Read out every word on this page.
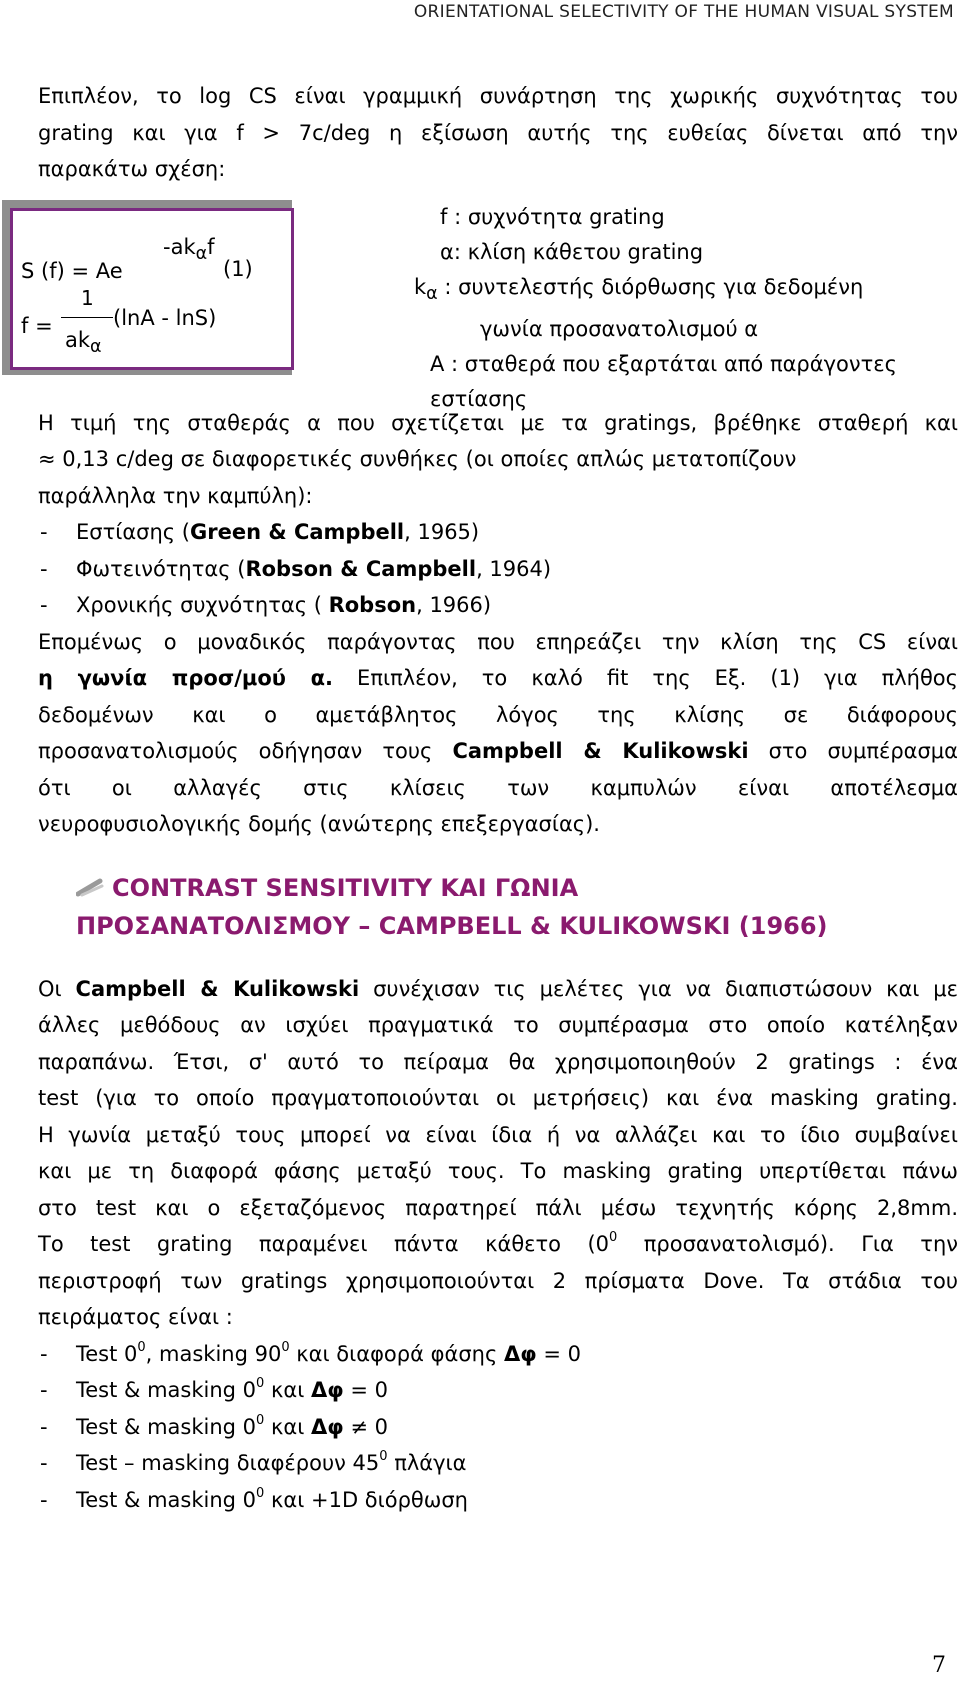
ORIENTATIONAL SELECTIVITY OF THE HUMAN VISUAL SYSTEM

Επιπλέον, το log CS είναι γραμμική συνάρτηση της χωρικής συχνότητας του

grating και για f > 7c/deg η εξίσωση αυτής της ευθείας δίνεται από την

παρακάτω σχέση:

S (f) = Ae
$-ak_\alpha f$
(1)
f =
1
$ak_\alpha$
(lnA - lnS)
f : συχνότητα grating
α: κλίση κάθετου grating
$k_\alpha$ : συντελεστής διόρθωσης για δεδομένη
γωνία προσανατολισμού α
A : σταθερά που εξαρτάται από παράγοντες
εστίασης

Η τιμή της σταθεράς α που σχετίζεται με τα gratings, βρέθηκε σταθερή και

≈ 0,13 c/deg σε διαφορετικές συνθήκες (οι οποίες απλώς μετατοπίζουν

παράλληλα την καμπύλη):

- Εστίασης (Green & Campbell, 1965)
- Φωτεινότητας (Robson & Campbell, 1964)
- Χρονικής συχνότητας ( Robson, 1966)

Επομένως ο μοναδικός παράγοντας που επηρεάζει την κλίση της CS είναι

η γωνία προσ/μού α. Επιπλέον, το καλό fit της Εξ. (1) για πλήθος

δεδομένων και ο αμετάβλητος λόγος της κλίσης σε διάφορους

προσανατολισμούς οδήγησαν τους Campbell & Kulikowski στο συμπέρασμα

ότι οι αλλαγές στις κλίσεις των καμπυλών είναι αποτέλεσμα

νευροφυσιολογικής δομής (ανώτερης επεξεργασίας).

CONTRAST SENSITIVITY ΚΑΙ ΓΩΝΙΑ
ΠΡΟΣΑΝΑΤΟΛΙΣΜΟΥ – CAMPBELL & KULIKOWSKI (1966)

Οι Campbell & Kulikowski συνέχισαν τις μελέτες για να διαπιστώσουν και με

άλλες μεθόδους αν ισχύει πραγματικά το συμπέρασμα στο οποίο κατέληξαν

παραπάνω. Έτσι, σ' αυτό το πείραμα θα χρησιμοποιηθούν 2 gratings : ένα

test (για το οποίο πραγματοποιούνται οι μετρήσεις) και ένα masking grating.

Η γωνία μεταξύ τους μπορεί να είναι ίδια ή να αλλάζει και το ίδιο συμβαίνει

και με τη διαφορά φάσης μεταξύ τους. Το masking grating υπερτίθεται πάνω

στο test και ο εξεταζόμενος παρατηρεί πάλι μέσω τεχνητής κόρης 2,8mm.

Το test grating παραμένει πάντα κάθετο ($0^0$ προσανατολισμό). Για την

περιστροφή των gratings χρησιμοποιούνται 2 πρίσματα Dove. Τα στάδια του

πειράματος είναι :

- Test $0^0$, masking $90^0$ και διαφορά φάσης Δφ = 0
- Test & masking $0^0$ και Δφ = 0
- Test & masking $0^0$ και Δφ ≠ 0
- Test – masking διαφέρουν $45^0$ πλάγια
- Test & masking $0^0$ και +1D διόρθωση
7
